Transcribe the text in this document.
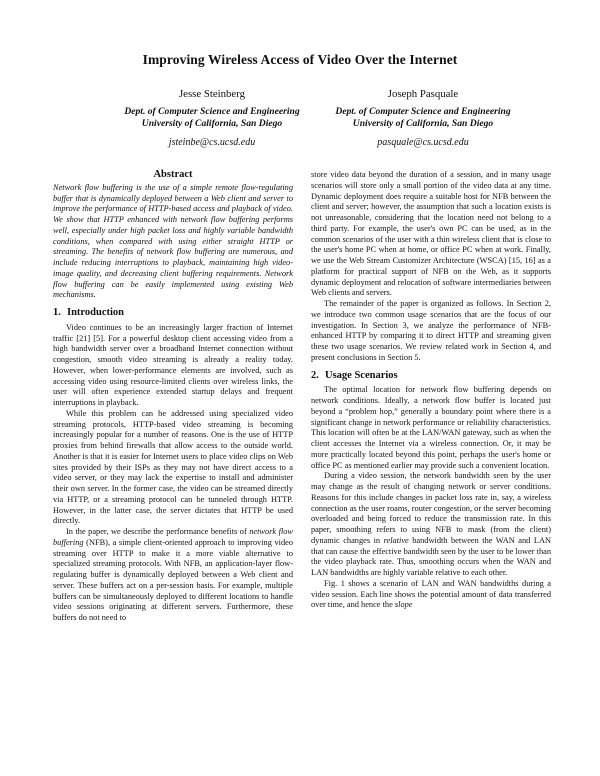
Improving Wireless Access of Video Over the Internet
Jesse Steinberg
Dept. of Computer Science and Engineering
University of California, San Diego
jsteinbe@cs.ucsd.edu
Joseph Pasquale
Dept. of Computer Science and Engineering
University of California, San Diego
pasquale@cs.ucsd.edu
Abstract

Network flow buffering is the use of a simple remote flow-regulating buffer that is dynamically deployed between a Web client and server to improve the performance of HTTP-based access and playback of video. We show that HTTP enhanced with network flow buffering performs well, especially under high packet loss and highly variable bandwidth conditions, when compared with using either straight HTTP or streaming. The benefits of network flow buffering are numerous, and include reducing interruptions to playback, maintaining high video-image quality, and decreasing client buffering requirements. Network flow buffering can be easily implemented using existing Web mechanisms.

1. Introduction

Video continues to be an increasingly larger fraction of Internet traffic [21] [5]. For a powerful desktop client accessing video from a high bandwidth server over a broadband Internet connection without congestion, smooth video streaming is already a reality today. However, when lower-performance elements are involved, such as accessing video using resource-limited clients over wireless links, the user will often experience extended startup delays and frequent interruptions in playback.

While this problem can be addressed using specialized video streaming protocols, HTTP-based video streaming is becoming increasingly popular for a number of reasons. One is the use of HTTP proxies from behind firewalls that allow access to the outside world. Another is that it is easier for Internet users to place video clips on Web sites provided by their ISPs as they may not have direct access to a video server, or they may lack the expertise to install and administer their own server. In the former case, the video can be streamed directly via HTTP, or a streaming protocol can be tunneled through HTTP. However, in the latter case, the server dictates that HTTP be used directly.

In the paper, we describe the performance benefits of network flow buffering (NFB), a simple client-oriented approach to improving video streaming over HTTP to make it a more viable alternative to specialized streaming protocols. With NFB, an application-layer flow-regulating buffer is dynamically deployed between a Web client and server. These buffers act on a per-session basis. For example, multiple buffers can be simultaneously deployed to different locations to handle video sessions originating at different servers. Furthermore, these buffers do not need to

store video data beyond the duration of a session, and in many usage scenarios will store only a small portion of the video data at any time. Dynamic deployment does require a suitable host for NFB between the client and server; however, the assumption that such a location exists is not unreasonable, considering that the location need not belong to a third party. For example, the user's own PC can be used, as in the common scenarios of the user with a thin wireless client that is close to the user's home PC when at home, or office PC when at work. Finally, we use the Web Stream Customizer Architecture (WSCA) [15, 16] as a platform for practical support of NFB on the Web, as it supports dynamic deployment and relocation of software intermediaries between Web clients and servers.

The remainder of the paper is organized as follows. In Section 2, we introduce two common usage scenarios that are the focus of our investigation. In Section 3, we analyze the performance of NFB-enhanced HTTP by comparing it to direct HTTP and streaming given these two usage scenarios. We review related work in Section 4, and present conclusions in Section 5.

2. Usage Scenarios

The optimal location for network flow buffering depends on network conditions. Ideally, a network flow buffer is located just beyond a “problem hop,” generally a boundary point where there is a significant change in network performance or reliability characteristics. This location will often be at the LAN/WAN gateway, such as when the client accesses the Internet via a wireless connection. Or, it may be more practically located beyond this point, perhaps the user's home or office PC as mentioned earlier may provide such a convenient location.

During a video session, the network bandwidth seen by the user may change as the result of changing network or server conditions. Reasons for this include changes in packet loss rate in, say, a wireless connection as the user roams, router congestion, or the server becoming overloaded and being forced to reduce the transmission rate. In this paper, smoothing refers to using NFB to mask (from the client) dynamic changes in relative bandwidth between the WAN and LAN that can cause the effective bandwidth seen by the user to be lower than the video playback rate. Thus, smoothing occurs when the WAN and LAN bandwidths are highly variable relative to each other.

Fig. 1 shows a scenario of LAN and WAN bandwidths during a video session. Each line shows the potential amount of data transferred over time, and hence the slope
